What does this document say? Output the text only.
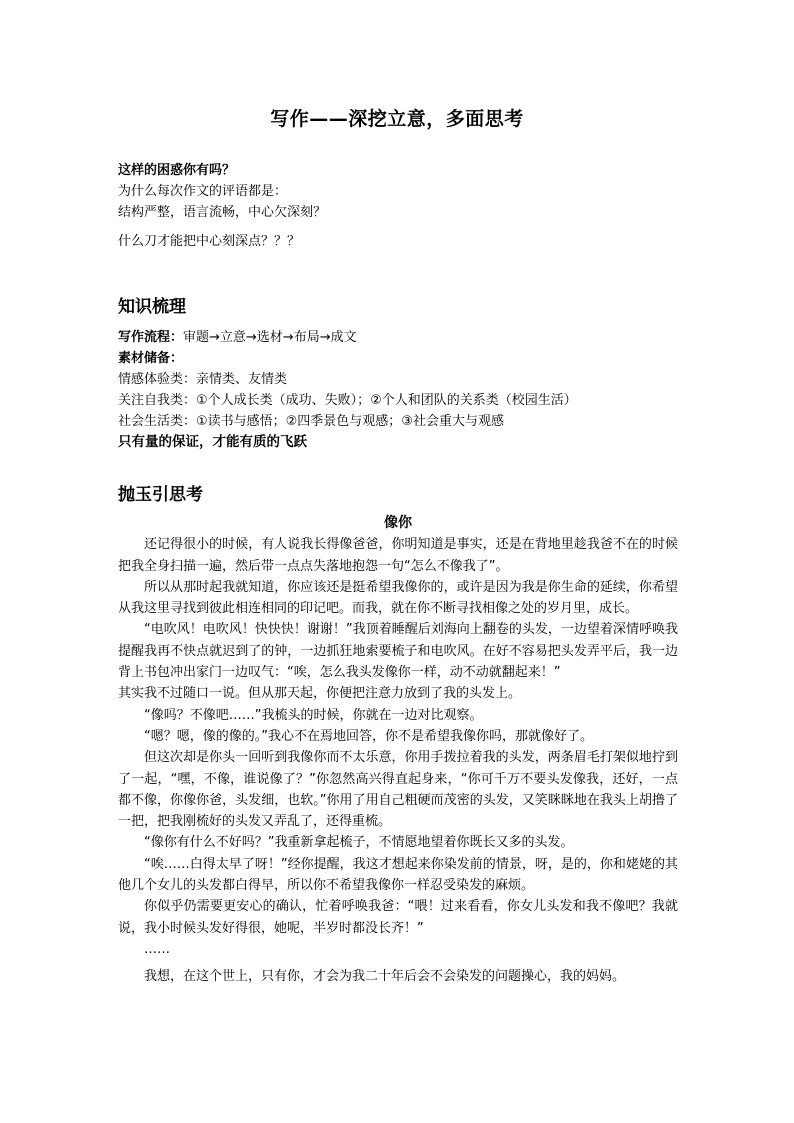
写作——深挖立意，多面思考
这样的困惑你有吗？
为什么每次作文的评语都是：
结构严整，语言流畅，中心欠深刻？
什么刀才能把中心刻深点？？？
知识梳理
写作流程：审题→立意→选材→布局→成文
素材储备：
情感体验类：亲情类、友情类
关注自我类：①个人成长类（成功、失败）；②个人和团队的关系类（校园生活）
社会生活类：①读书与感悟；②四季景色与观感；③社会重大与观感
只有量的保证，才能有质的飞跃
抛玉引思考

像你

还记得很小的时候，有人说我长得像爸爸，你明知道是事实，还是在背地里趁我爸不在的时候把我全身扫描一遍，然后带一点点失落地抱怨一句“怎么不像我了”。

所以从那时起我就知道，你应该还是挺希望我像你的，或许是因为我是你生命的延续，你希望从我这里寻找到彼此相连相同的印记吧。而我，就在你不断寻找相像之处的岁月里，成长。

“电吹风！电吹风！快快快！谢谢！”我顶着睡醒后刘海向上翻卷的头发，一边望着深情呼唤我提醒我再不快点就迟到了的钟，一边抓狂地索要梳子和电吹风。在好不容易把头发弄平后，我一边背上书包冲出家门一边叹气：“唉，怎么我头发像你一样，动不动就翻起来！”

其实我不过随口一说。但从那天起，你便把注意力放到了我的头发上。

“像吗？不像吧……”我梳头的时候，你就在一边对比观察。

“嗯？嗯，像的像的。”我心不在焉地回答，你不是希望我像你吗，那就像好了。

但这次却是你头一回听到我像你而不太乐意，你用手拨拉着我的头发，两条眉毛打架似地拧到了一起，“嘿，不像，谁说像了？”你忽然高兴得直起身来，“你可千万不要头发像我，还好，一点都不像，你像你爸，头发细，也软。”你用了用自己粗硬而茂密的头发，又笑眯眯地在我头上胡撸了一把，把我刚梳好的头发又弄乱了，还得重梳。

“像你有什么不好吗？”我重新拿起梳子，不情愿地望着你既长又多的头发。

“唉……白得太早了呀！”经你提醒，我这才想起来你染发前的情景，呀，是的，你和姥姥的其他几个女儿的头发都白得早，所以你不希望我像你一样忍受染发的麻烦。

你似乎仍需要更安心的确认，忙着呼唤我爸：“喂！过来看看，你女儿头发和我不像吧？我就说，我小时候头发好得很，她呢，半岁时都没长齐！”

……

我想，在这个世上，只有你，才会为我二十年后会不会染发的问题操心，我的妈妈。
